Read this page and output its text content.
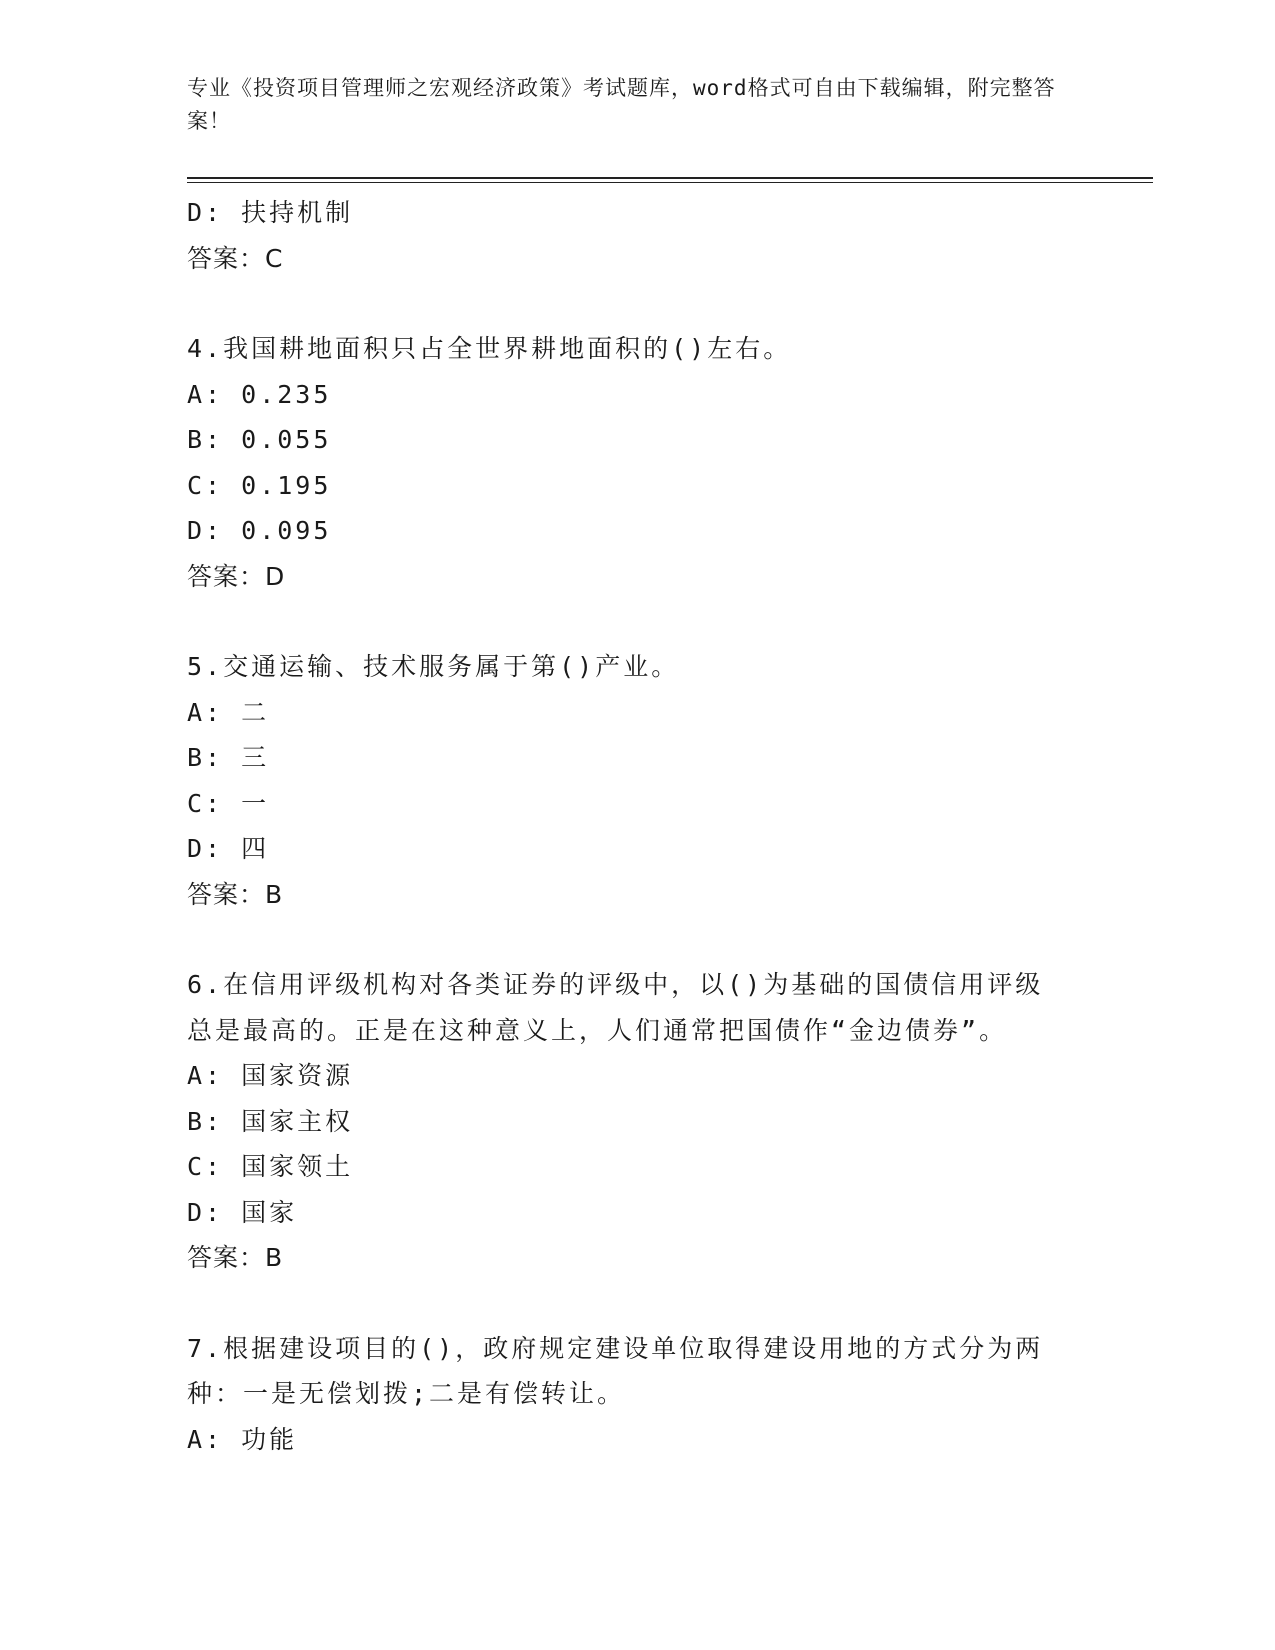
专业《投资项目管理师之宏观经济政策》考试题库，word格式可自由下载编辑，附完整答案！
D: 扶持机制
答案：C
4.我国耕地面积只占全世界耕地面积的()左右。
A: 0.235
B: 0.055
C: 0.195
D: 0.095
答案：D
5.交通运输、技术服务属于第()产业。
A: 二
B: 三
C: 一
D: 四
答案：B
6.在信用评级机构对各类证券的评级中，以()为基础的国债信用评级总是最高的。正是在这种意义上，人们通常把国债作“金边债券”。
A: 国家资源
B: 国家主权
C: 国家领土
D: 国家
答案：B
7.根据建设项目的()，政府规定建设单位取得建设用地的方式分为两种：一是无偿划拨;二是有偿转让。
A: 功能
